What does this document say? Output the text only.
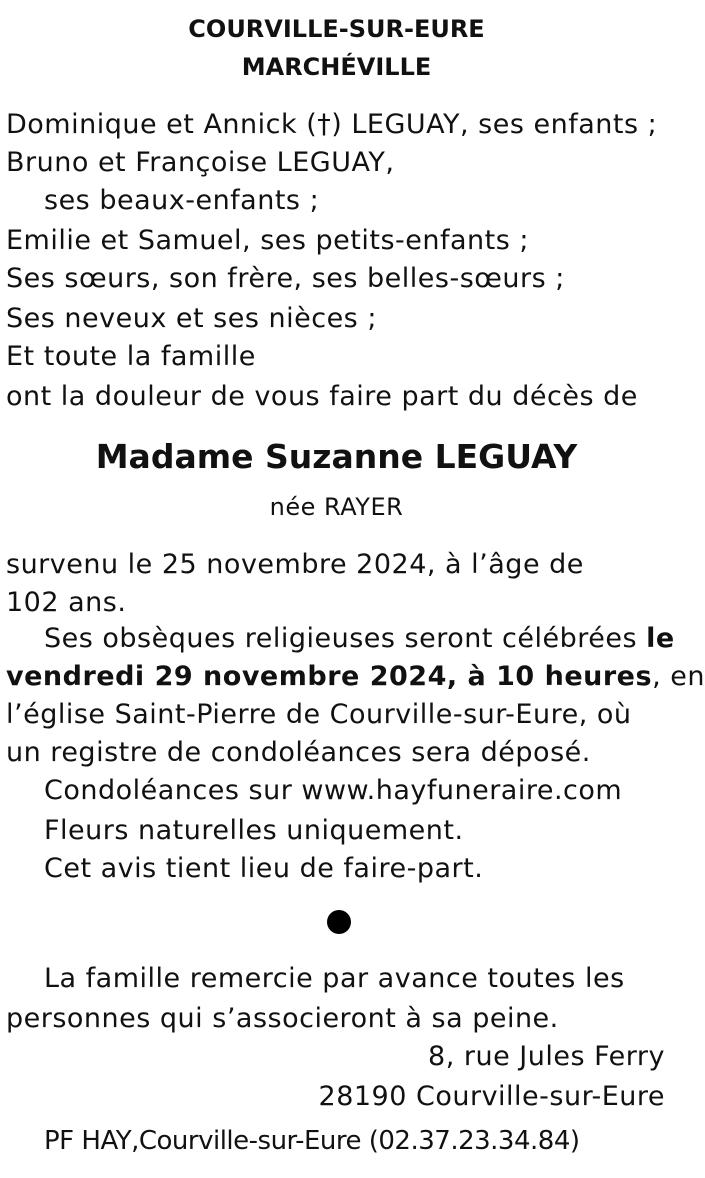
COURVILLE-SUR-EURE
MARCHÉVILLE
Dominique et Annick (†) LEGUAY, ses enfants ;
Bruno et Françoise LEGUAY,
ses beaux-enfants ;
Emilie et Samuel, ses petits-enfants ;
Ses sœurs, son frère, ses belles-sœurs ;
Ses neveux et ses nièces ;
Et toute la famille
ont la douleur de vous faire part du décès de
Madame Suzanne LEGUAY
née RAYER
survenu le 25 novembre 2024, à l’âge de
102 ans.
Ses obsèques religieuses seront célébrées le
vendredi 29 novembre 2024, à 10 heures, en
l’église Saint-Pierre de Courville-sur-Eure, où
un registre de condoléances sera déposé.
Condoléances sur www.hayfuneraire.com
Fleurs naturelles uniquement.
Cet avis tient lieu de faire-part.
La famille remercie par avance toutes les
personnes qui s’associeront à sa peine.
8, rue Jules Ferry
28190 Courville-sur-Eure
PF HAY,Courville-sur-Eure (02.37.23.34.84)
